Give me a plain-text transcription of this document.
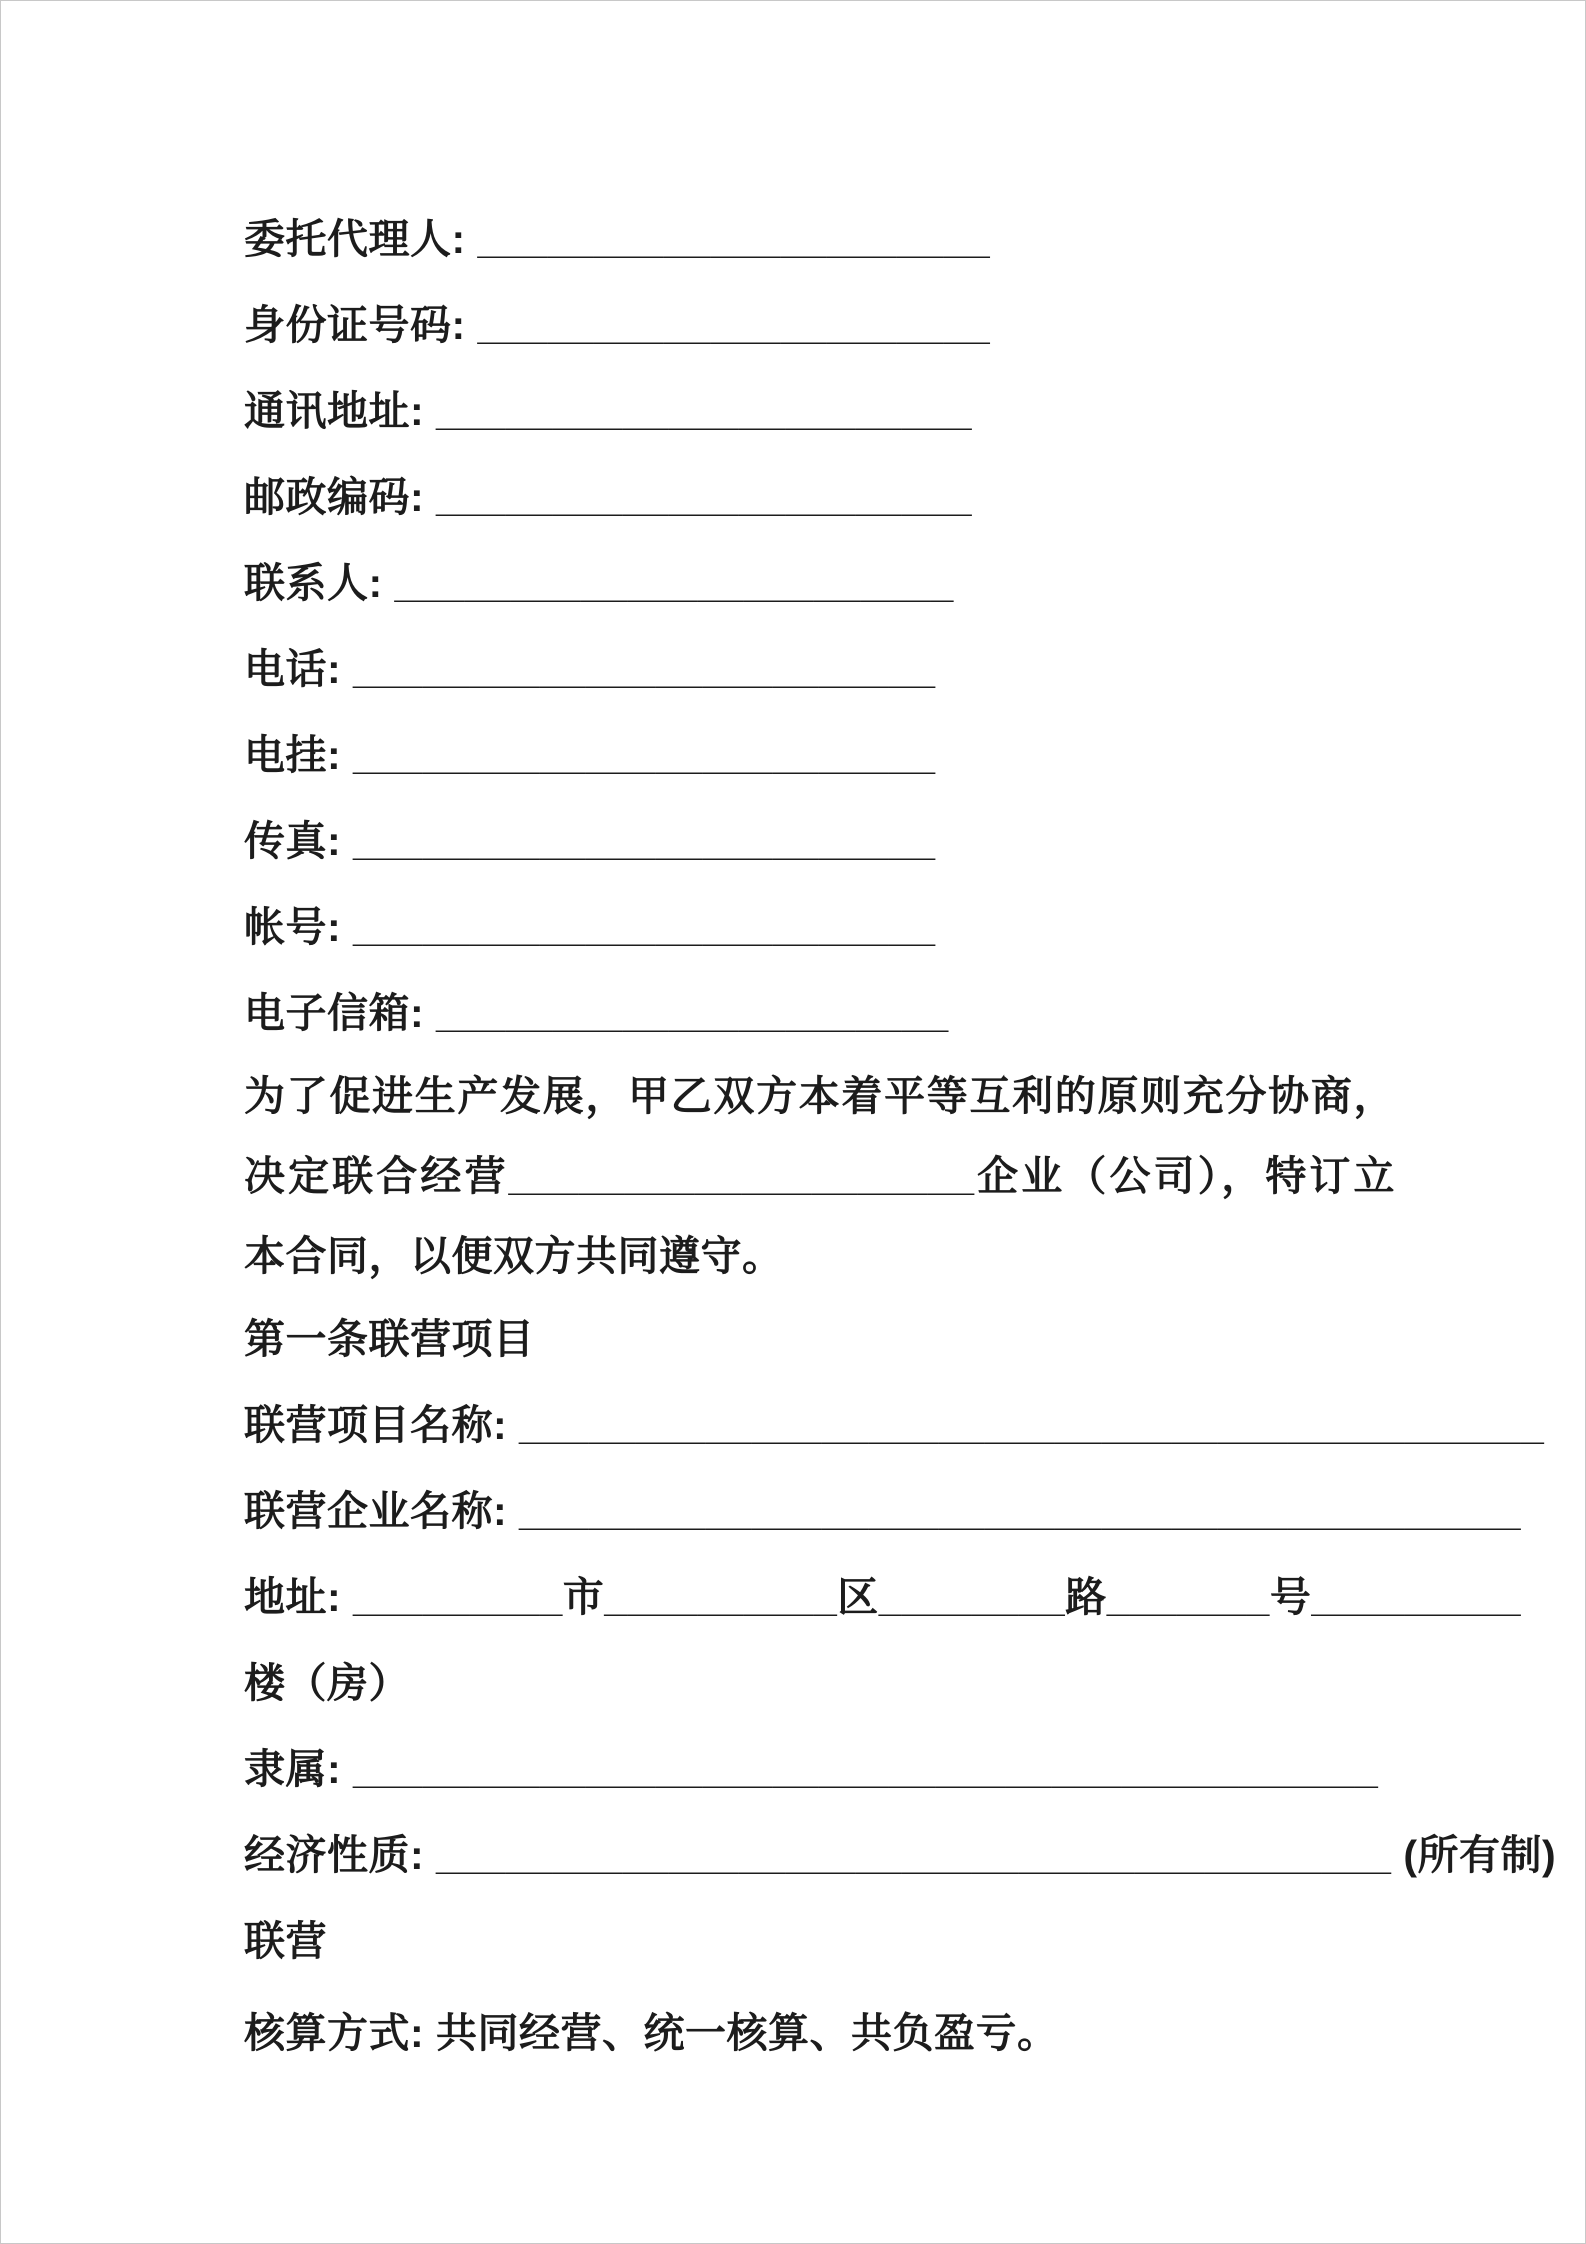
委托代理人: ______________________

身份证号码: ______________________

通讯地址: _______________________

邮政编码: _______________________

联系人: ________________________

电话: _________________________

电挂: _________________________

传真: _________________________

帐号: _________________________

电子信箱: ______________________

为了促进生产发展，甲乙双方本着平等互利的原则充分协商，决定联合经营____________________企业（公司），特订立本合同，以便双方共同遵守。

第一条联营项目

联营项目名称: ____________________________________________

联营企业名称: ___________________________________________

地址: _________市__________区________路_______号_________

楼（房）

隶属: ____________________________________________

经济性质: _________________________________________ (所有制)

联营

核算方式: 共同经营、统一核算、共负盈亏。
